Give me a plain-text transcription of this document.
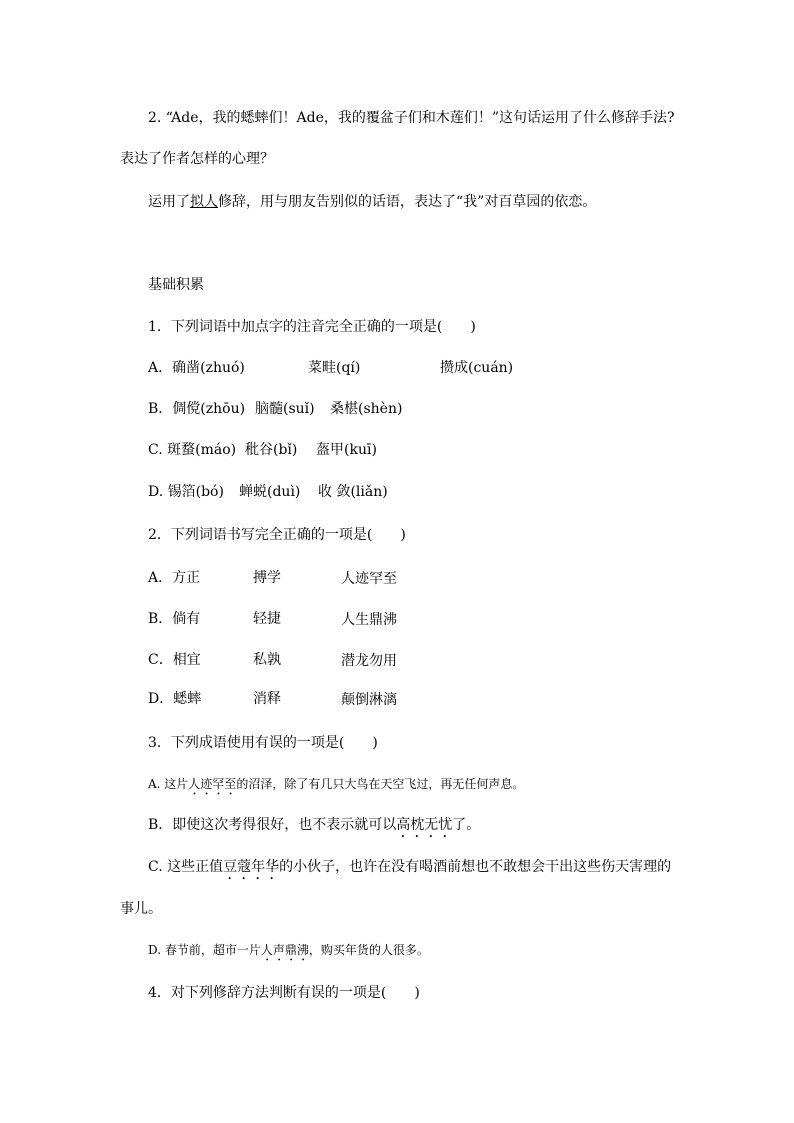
2. “Ade，我的蟋蟀们！Ade，我的覆盆子们和木莲们！”这句话运用了什么修辞手法?
表达了作者怎样的心理？
运用了拟人修辞，用与朋友告别似的话语，表达了“我”对百草园的依恋。
基础积累
1．下列词语中加点字的注音完全正确的一项是(　　)
A．确凿(zhuó)	菜畦(qí)	攒成(cuán)
B．倜傥(zhōu) 脑髓(suǐ) 桑椹(shèn)
C. 斑蝥(máo) 秕谷(bǐ) 盔甲(kuī)
D. 锡箔(bó) 蝉蜕(duì) 收 敛(liǎn)
2．下列词语书写完全正确的一项是(　　)
A．方正	搏学	人迹罕至
B．倘有	轻捷	人生鼎沸
C．相宜	私孰	潜龙勿用
D．蟋蟀	消释	颠倒淋漓
3．下列成语使用有误的一项是(　　)
A. 这片人迹罕至的沼泽，除了有几只大鸟在天空飞过，再无任何声息。
B．即使这次考得很好，也不表示就可以高枕无忧了。
C. 这些正值豆蔻年华的小伙子，也许在没有喝酒前想也不敢想会干出这些伤天害理的
事儿。
D. 春节前，超市一片人声鼎沸，购买年货的人很多。
4．对下列修辞方法判断有误的一项是(　　)
